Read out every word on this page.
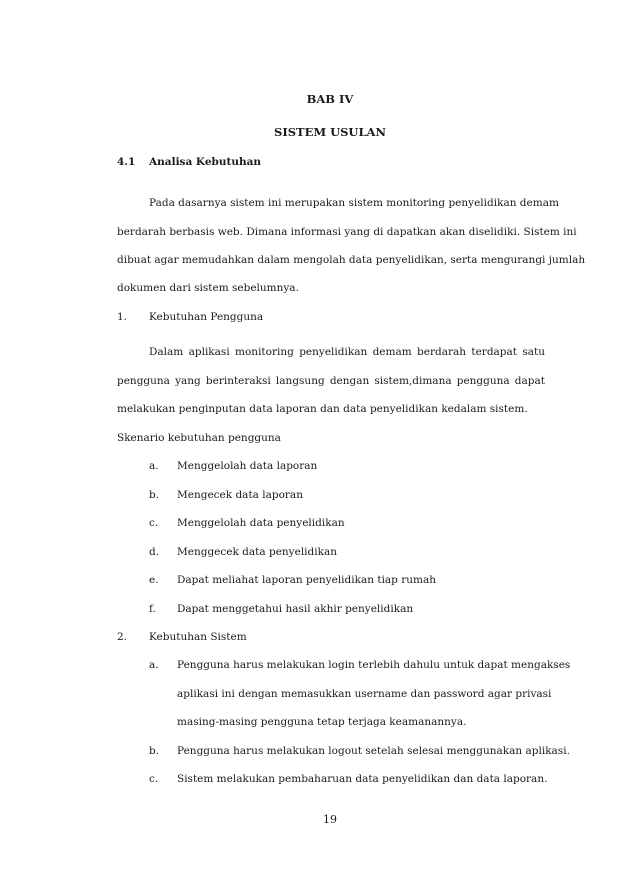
BAB IV
SISTEM USULAN
4.1 Analisa Kebutuhan
Pada dasarnya sistem ini merupakan sistem monitoring penyelidikan demam
berdarah berbasis web. Dimana informasi yang di dapatkan akan diselidiki. Sistem ini
dibuat agar memudahkan dalam mengolah data penyelidikan, serta mengurangi jumlah
dokumen dari sistem sebelumnya.
1. Kebutuhan Pengguna
Dalam aplikasi monitoring penyelidikan demam berdarah terdapat satu
pengguna yang berinteraksi langsung dengan sistem,dimana pengguna dapat
melakukan penginputan data laporan dan data penyelidikan kedalam sistem.
Skenario kebutuhan pengguna
a. Menggelolah data laporan
b. Mengecek data laporan
c. Menggelolah data penyelidikan
d. Menggecek data penyelidikan
e. Dapat meliahat laporan penyelidikan tiap rumah
f. Dapat menggetahui hasil akhir penyelidikan
2. Kebutuhan Sistem
a. Pengguna harus melakukan login terlebih dahulu untuk dapat mengakses
aplikasi ini dengan memasukkan username dan password agar privasi
masing-masing pengguna tetap terjaga keamanannya.
b. Pengguna harus melakukan logout setelah selesai menggunakan aplikasi.
c. Sistem melakukan pembaharuan data penyelidikan dan data laporan.
19
